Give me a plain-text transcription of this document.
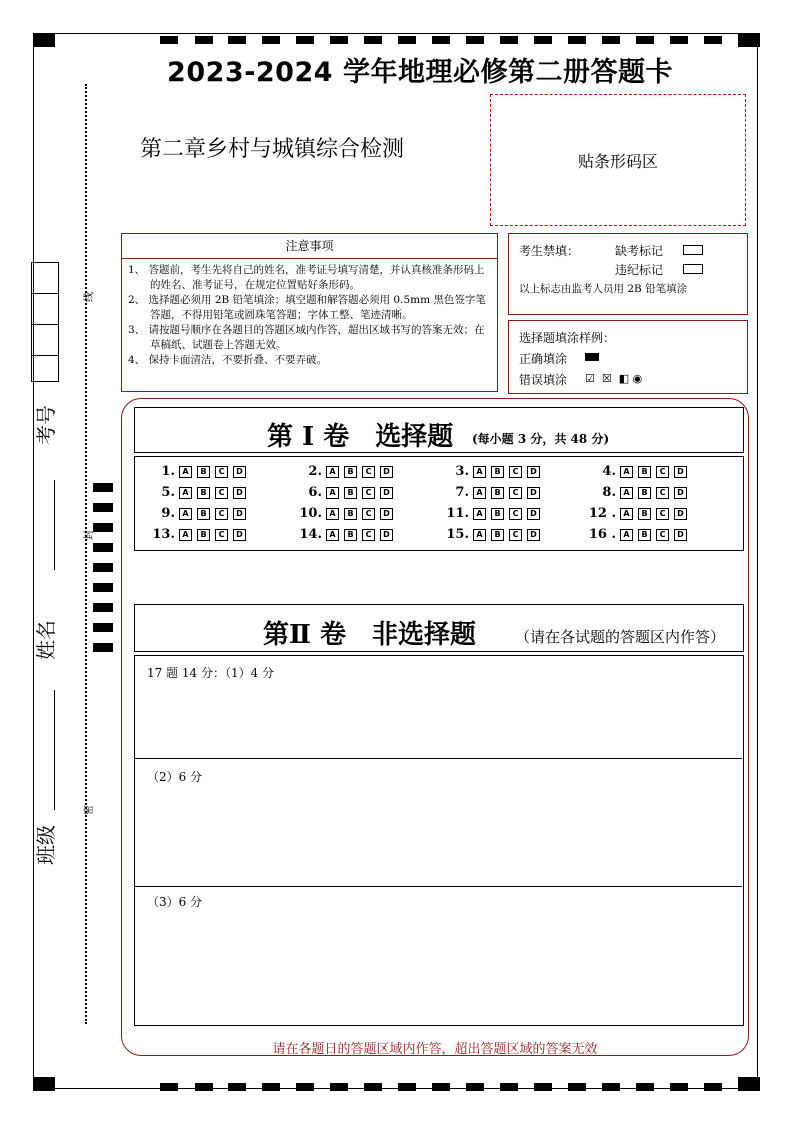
2023-2024 学年地理必修第二册答题卡
第二章乡村与城镇综合检测	贴条形码区
注意事项

1、 答题前，考生先将自己的姓名，准考证号填写清楚，并认真核准条形码上的姓名、准考证号，在规定位置贴好条形码。

2、 选择题必须用 2B 铅笔填涂；填空题和解答题必须用 0.5mm 黑色签字笔答题，不得用铅笔或圆珠笔答题；字体工整、笔迹清晰。

3、 请按题号顺序在各题目的答题区域内作答，超出区域书写的答案无效；在草稿纸、试题卷上答题无效。

4、 保持卡面清洁，不要折叠、不要弄破。

考生禁填：	缺考标记
违纪标记
以上标志由监考人员用 2B 铅笔填涂
选择题填涂样例：
正确填涂
错误填涂 ☑  ☒  ◧ ◉
考号
姓名
班级
线
封
密
第 I 卷　选择题 (每小题 3 分，共 48 分)
1. A B C D	2. A B C D	3. A B C D	4. A B C D
5. A B C D	6. A B C D	7. A B C D	8. A B C D
9. A B C D	10. A B C D	11. A B C D	12 . A B C D
13. A B C D	14. A B C D	15. A B C D	16 . A B C D
第Ⅱ 卷　非选择题	（请在各试题的答题区内作答）
17 题 14 分：（1）4 分
（2）6 分
（3）6 分
请在各题日的答题区域内作答，超出答题区域的答案无效
